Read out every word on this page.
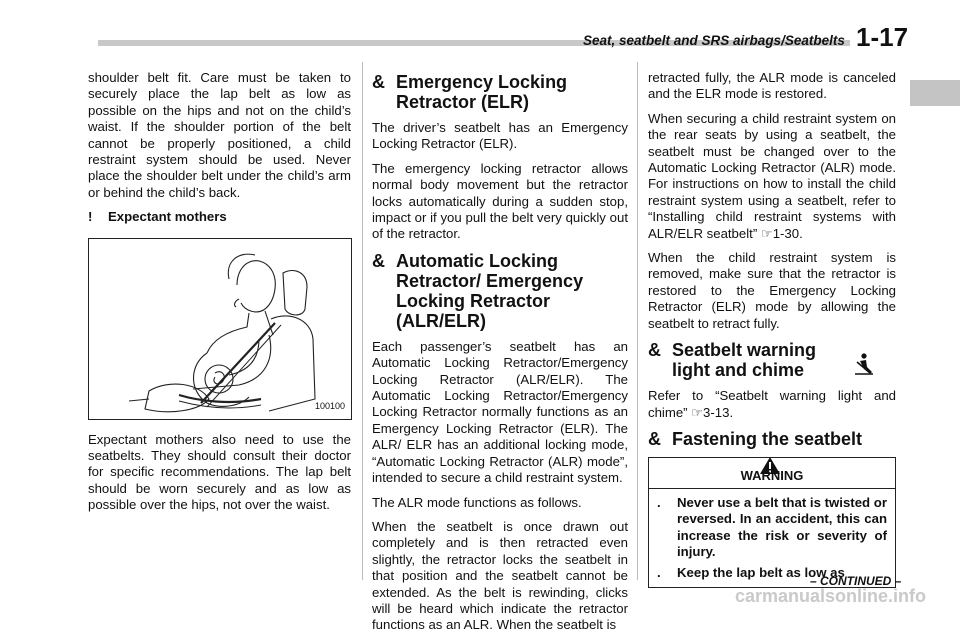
Seat, seatbelt and SRS airbags/Seatbelts 1-17

shoulder belt fit. Care must be taken to securely place the lap belt as low as possible on the hips and not on the child’s waist. If the shoulder portion of the belt cannot be properly positioned, a child restraint system should be used. Never place the shoulder belt under the child’s arm or behind the child’s back.

! Expectant mothers
100100

Expectant mothers also need to use the seatbelts. They should consult their doctor for specific recommendations. The lap belt should be worn securely and as low as possible over the hips, not over the waist.

& Emergency Locking Retractor (ELR)

The driver’s seatbelt has an Emergency Locking Retractor (ELR).

The emergency locking retractor allows normal body movement but the retractor locks automatically during a sudden stop, impact or if you pull the belt very quickly out of the retractor.

& Automatic Locking Retractor/ Emergency Locking Retractor (ALR/ELR)

Each passenger’s seatbelt has an Automatic Locking Retractor/Emergency Locking Retractor (ALR/ELR). The Automatic Locking Retractor/Emergency Locking Retractor normally functions as an Emergency Locking Retractor (ELR). The ALR/ ELR has an additional locking mode, “Automatic Locking Retractor (ALR) mode”, intended to secure a child restraint system.

The ALR mode functions as follows.

When the seatbelt is once drawn out completely and is then retracted even slightly, the retractor locks the seatbelt in that position and the seatbelt cannot be extended. As the belt is rewinding, clicks will be heard which indicate the retractor functions as an ALR. When the seatbelt is

retracted fully, the ALR mode is canceled and the ELR mode is restored.

When securing a child restraint system on the rear seats by using a seatbelt, the seatbelt must be changed over to the Automatic Locking Retractor (ALR) mode. For instructions on how to install the child restraint system using a seatbelt, refer to “Installing child restraint systems with ALR/ELR seatbelt” ☞1-30.

When the child restraint system is removed, make sure that the retractor is restored to the Emergency Locking Retractor (ELR) mode by allowing the seatbelt to retract fully.

& Seatbelt warning light and chime

Refer to “Seatbelt warning light and chime” ☞3-13.

& Fastening the seatbelt
WARNING
.	Never use a belt that is twisted or reversed. In an accident, this can increase the risk or severity of injury.
.	Keep the lap belt as low as
– CONTINUED –
carmanualsonline.info
